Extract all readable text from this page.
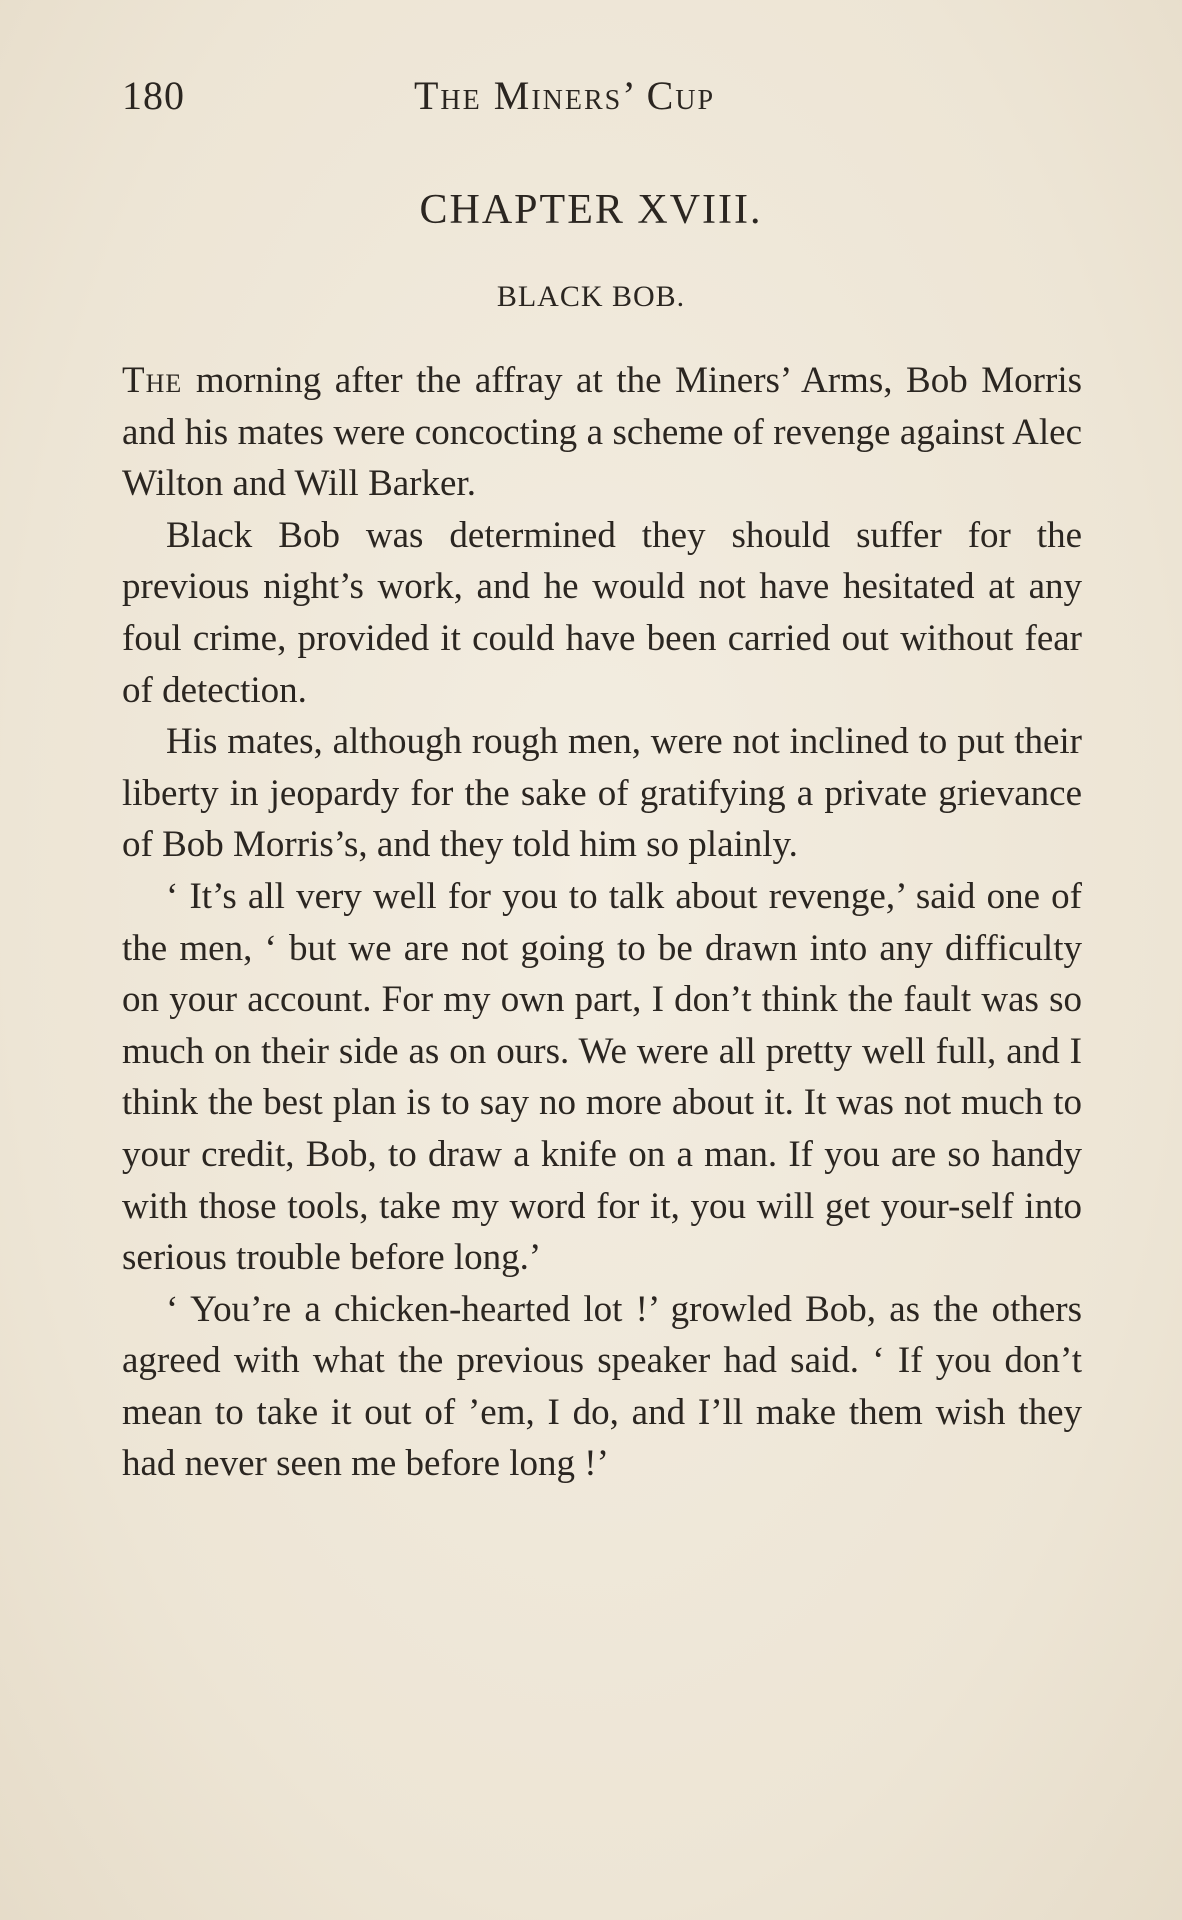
180	The Miners’ Cup
CHAPTER XVIII.
BLACK BOB.

The morning after the affray at the Miners’ Arms, Bob Morris and his mates were concocting a scheme of revenge against Alec Wilton and Will Barker.

Black Bob was determined they should suffer for the previous night’s work, and he would not have hesitated at any foul crime, provided it could have been carried out without fear of detection.

His mates, although rough men, were not inclined to put their liberty in jeopardy for the sake of gratifying a private grievance of Bob Morris’s, and they told him so plainly.

‘ It’s all very well for you to talk about revenge,’ said one of the men, ‘ but we are not going to be drawn into any difficulty on your account. For my own part, I don’t think the fault was so much on their side as on ours. We were all pretty well full, and I think the best plan is to say no more about it. It was not much to your credit, Bob, to draw a knife on a man. If you are so handy with those tools, take my word for it, you will get your-self into serious trouble before long.’

‘ You’re a chicken-hearted lot !’ growled Bob, as the others agreed with what the previous speaker had said. ‘ If you don’t mean to take it out of ’em, I do, and I’ll make them wish they had never seen me before long !’
